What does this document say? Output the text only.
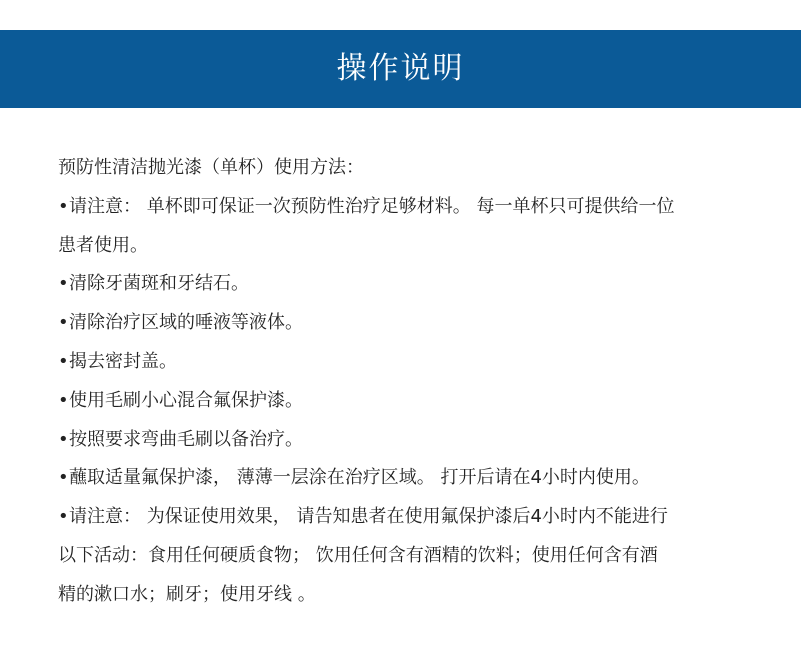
操作说明
预防性清洁抛光漆（单杯）使用方法：
•请注意： 单杯即可保证一次预防性治疗足够材料。 每一单杯只可提供给一位
患者使用。
•清除牙菌斑和牙结石。
•清除治疗区域的唾液等液体。
•揭去密封盖。
•使用毛刷小心混合氟保护漆。
•按照要求弯曲毛刷以备治疗。
•蘸取适量氟保护漆， 薄薄一层涂在治疗区域。 打开后请在4小时内使用。
•请注意： 为保证使用效果， 请告知患者在使用氟保护漆后4小时内不能进行
以下活动：食用任何硬质食物； 饮用任何含有酒精的饮料；使用任何含有酒
精的漱口水；刷牙；使用牙线 。
